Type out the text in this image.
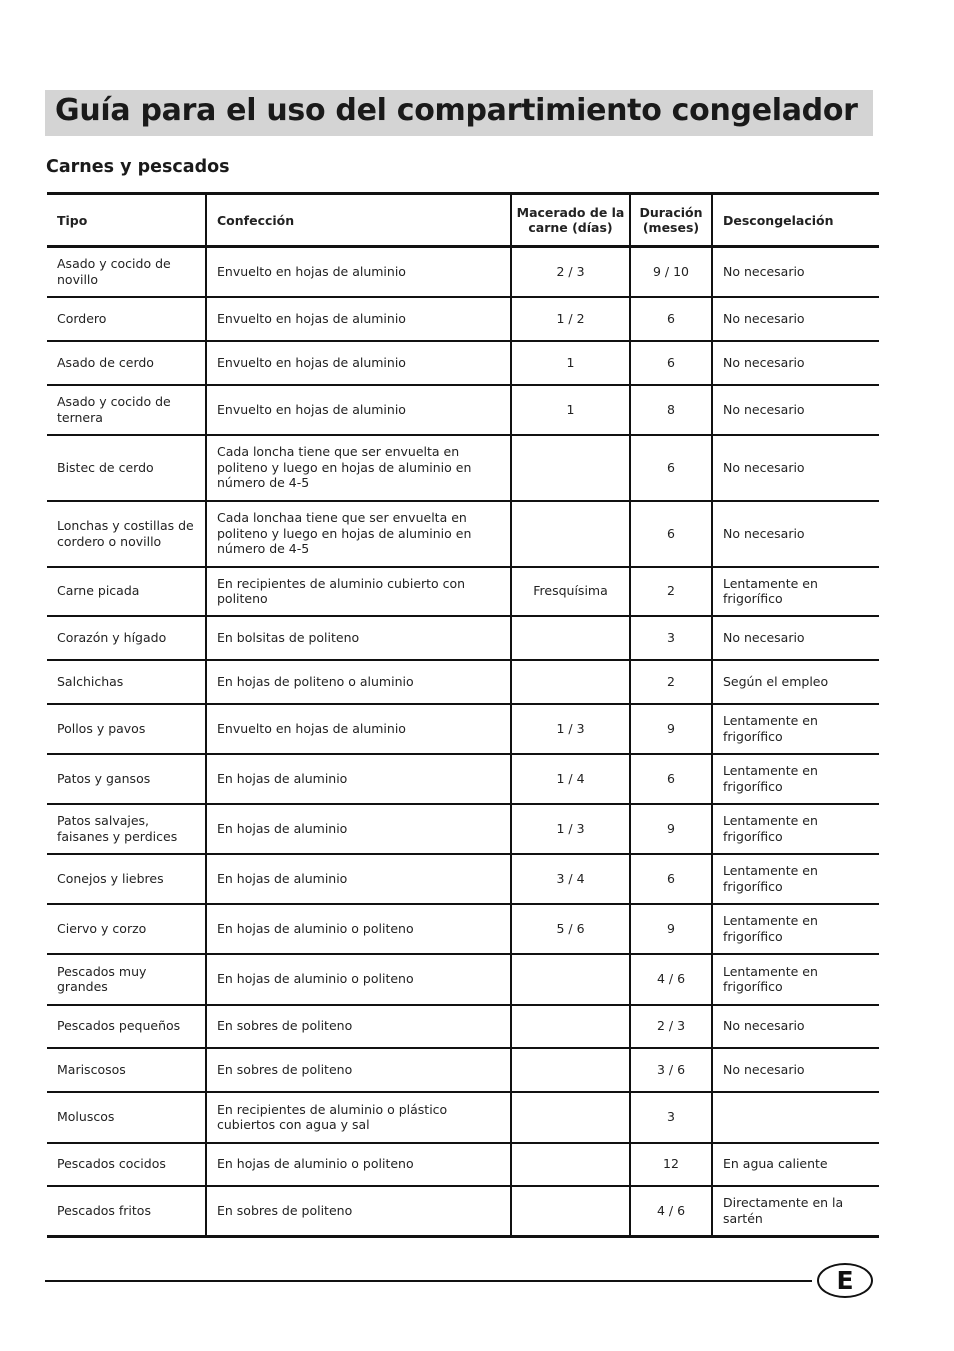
Guía para el uso del compartimiento congelador
Carnes y pescados
Tipo	Confección	Macerado de la carne (días)	Duración (meses)	Descongelación
Asado y cocido de novillo	Envuelto en hojas de aluminio	2 / 3	9 / 10	No necesario
Cordero	Envuelto en hojas de aluminio	1 / 2	6	No necesario
Asado de cerdo	Envuelto en hojas de aluminio	1	6	No necesario
Asado y cocido de ternera	Envuelto en hojas de aluminio	1	8	No necesario
Bistec de cerdo	Cada loncha tiene que ser envuelta en politeno y luego en hojas de aluminio en número de 4-5		6	No necesario
Lonchas y costillas de cordero o novillo	Cada lonchaa tiene que ser envuelta en politeno y luego en hojas de aluminio en número de 4-5		6	No necesario
Carne picada	En recipientes de aluminio cubierto con politeno	Fresquísima	2	Lentamente en frigorífico
Corazón y hígado	En bolsitas de politeno		3	No necesario
Salchichas	En hojas de politeno o aluminio		2	Según el empleo
Pollos y pavos	Envuelto en hojas de aluminio	1 / 3	9	Lentamente en frigorífico
Patos y gansos	En hojas de aluminio	1 / 4	6	Lentamente en frigorífico
Patos salvajes, faisanes y perdices	En hojas de aluminio	1 / 3	9	Lentamente en frigorífico
Conejos y liebres	En hojas de aluminio	3 / 4	6	Lentamente en frigorífico
Ciervo y corzo	En hojas de aluminio o politeno	5 / 6	9	Lentamente en frigorífico
Pescados muy grandes	En hojas de aluminio o politeno		4 / 6	Lentamente en frigorífico
Pescados pequeños	En sobres de politeno		2 / 3	No necesario
Mariscosos	En sobres de politeno		3 / 6	No necesario
Moluscos	En recipientes de aluminio o plástico cubiertos con agua y sal		3	
Pescados cocidos	En hojas de aluminio o politeno		12	En agua caliente
Pescados fritos	En sobres de politeno		4 / 6	Directamente en la sartén
E
